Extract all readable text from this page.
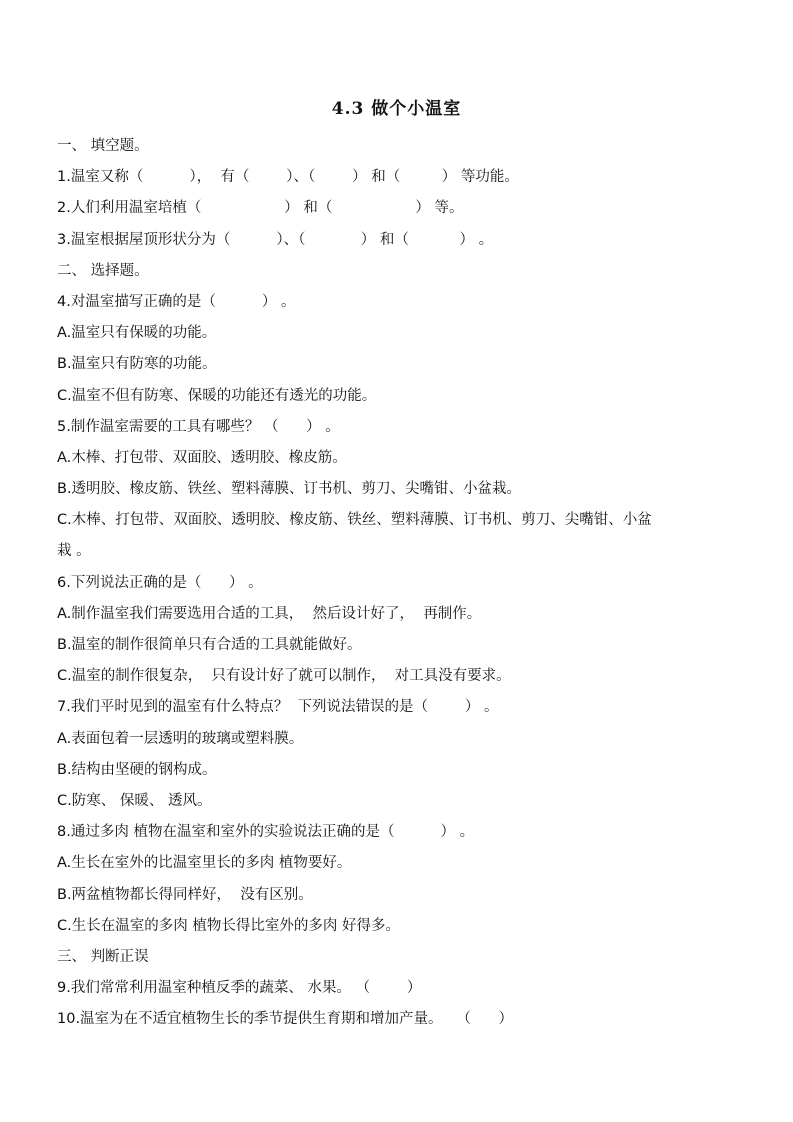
4.3 做个小温室
一、 填空题。
1.温室又称（          ），  有（        ）、（        ） 和（         ） 等功能。
2.人们利用温室培植（                  ） 和（                  ） 等。
3.温室根据屋顶形状分为（          ）、（            ） 和（           ） 。
二、 选择题。
4.对温室描写正确的是（          ） 。
A.温室只有保暖的功能。
B.温室只有防寒的功能。
C.温室不但有防寒、保暖的功能还有透光的功能。
5.制作温室需要的工具有哪些？ （      ） 。
A.木棒、打包带、双面胶、透明胶、橡皮筋。
B.透明胶、橡皮筋、铁丝、塑料薄膜、订书机、剪刀、尖嘴钳、小盆栽。
C.木棒、打包带、双面胶、透明胶、橡皮筋、铁丝、塑料薄膜、订书机、剪刀、尖嘴钳、小盆
栽 。
6.下列说法正确的是（      ） 。
A.制作温室我们需要选用合适的工具，  然后设计好了，  再制作。
B.温室的制作很简单只有合适的工具就能做好。
C.温室的制作很复杂，  只有设计好了就可以制作，  对工具没有要求。
7.我们平时见到的温室有什么特点？  下列说法错误的是（        ） 。
A.表面包着一层透明的玻璃或塑料膜。
B.结构由坚硬的钢构成。
C.防寒、 保暖、 透风。
8.通过多肉 植物在温室和室外的实验说法正确的是（          ） 。
A.生长在室外的比温室里长的多肉 植物要好。
B.两盆植物都长得同样好，  没有区别。
C.生长在温室的多肉 植物长得比室外的多肉 好得多。
三、 判断正误
9.我们常常利用温室种植反季的蔬菜、 水果。 （        ）
10.温室为在不适宜植物生长的季节提供生育期和增加产量。   （      ）
